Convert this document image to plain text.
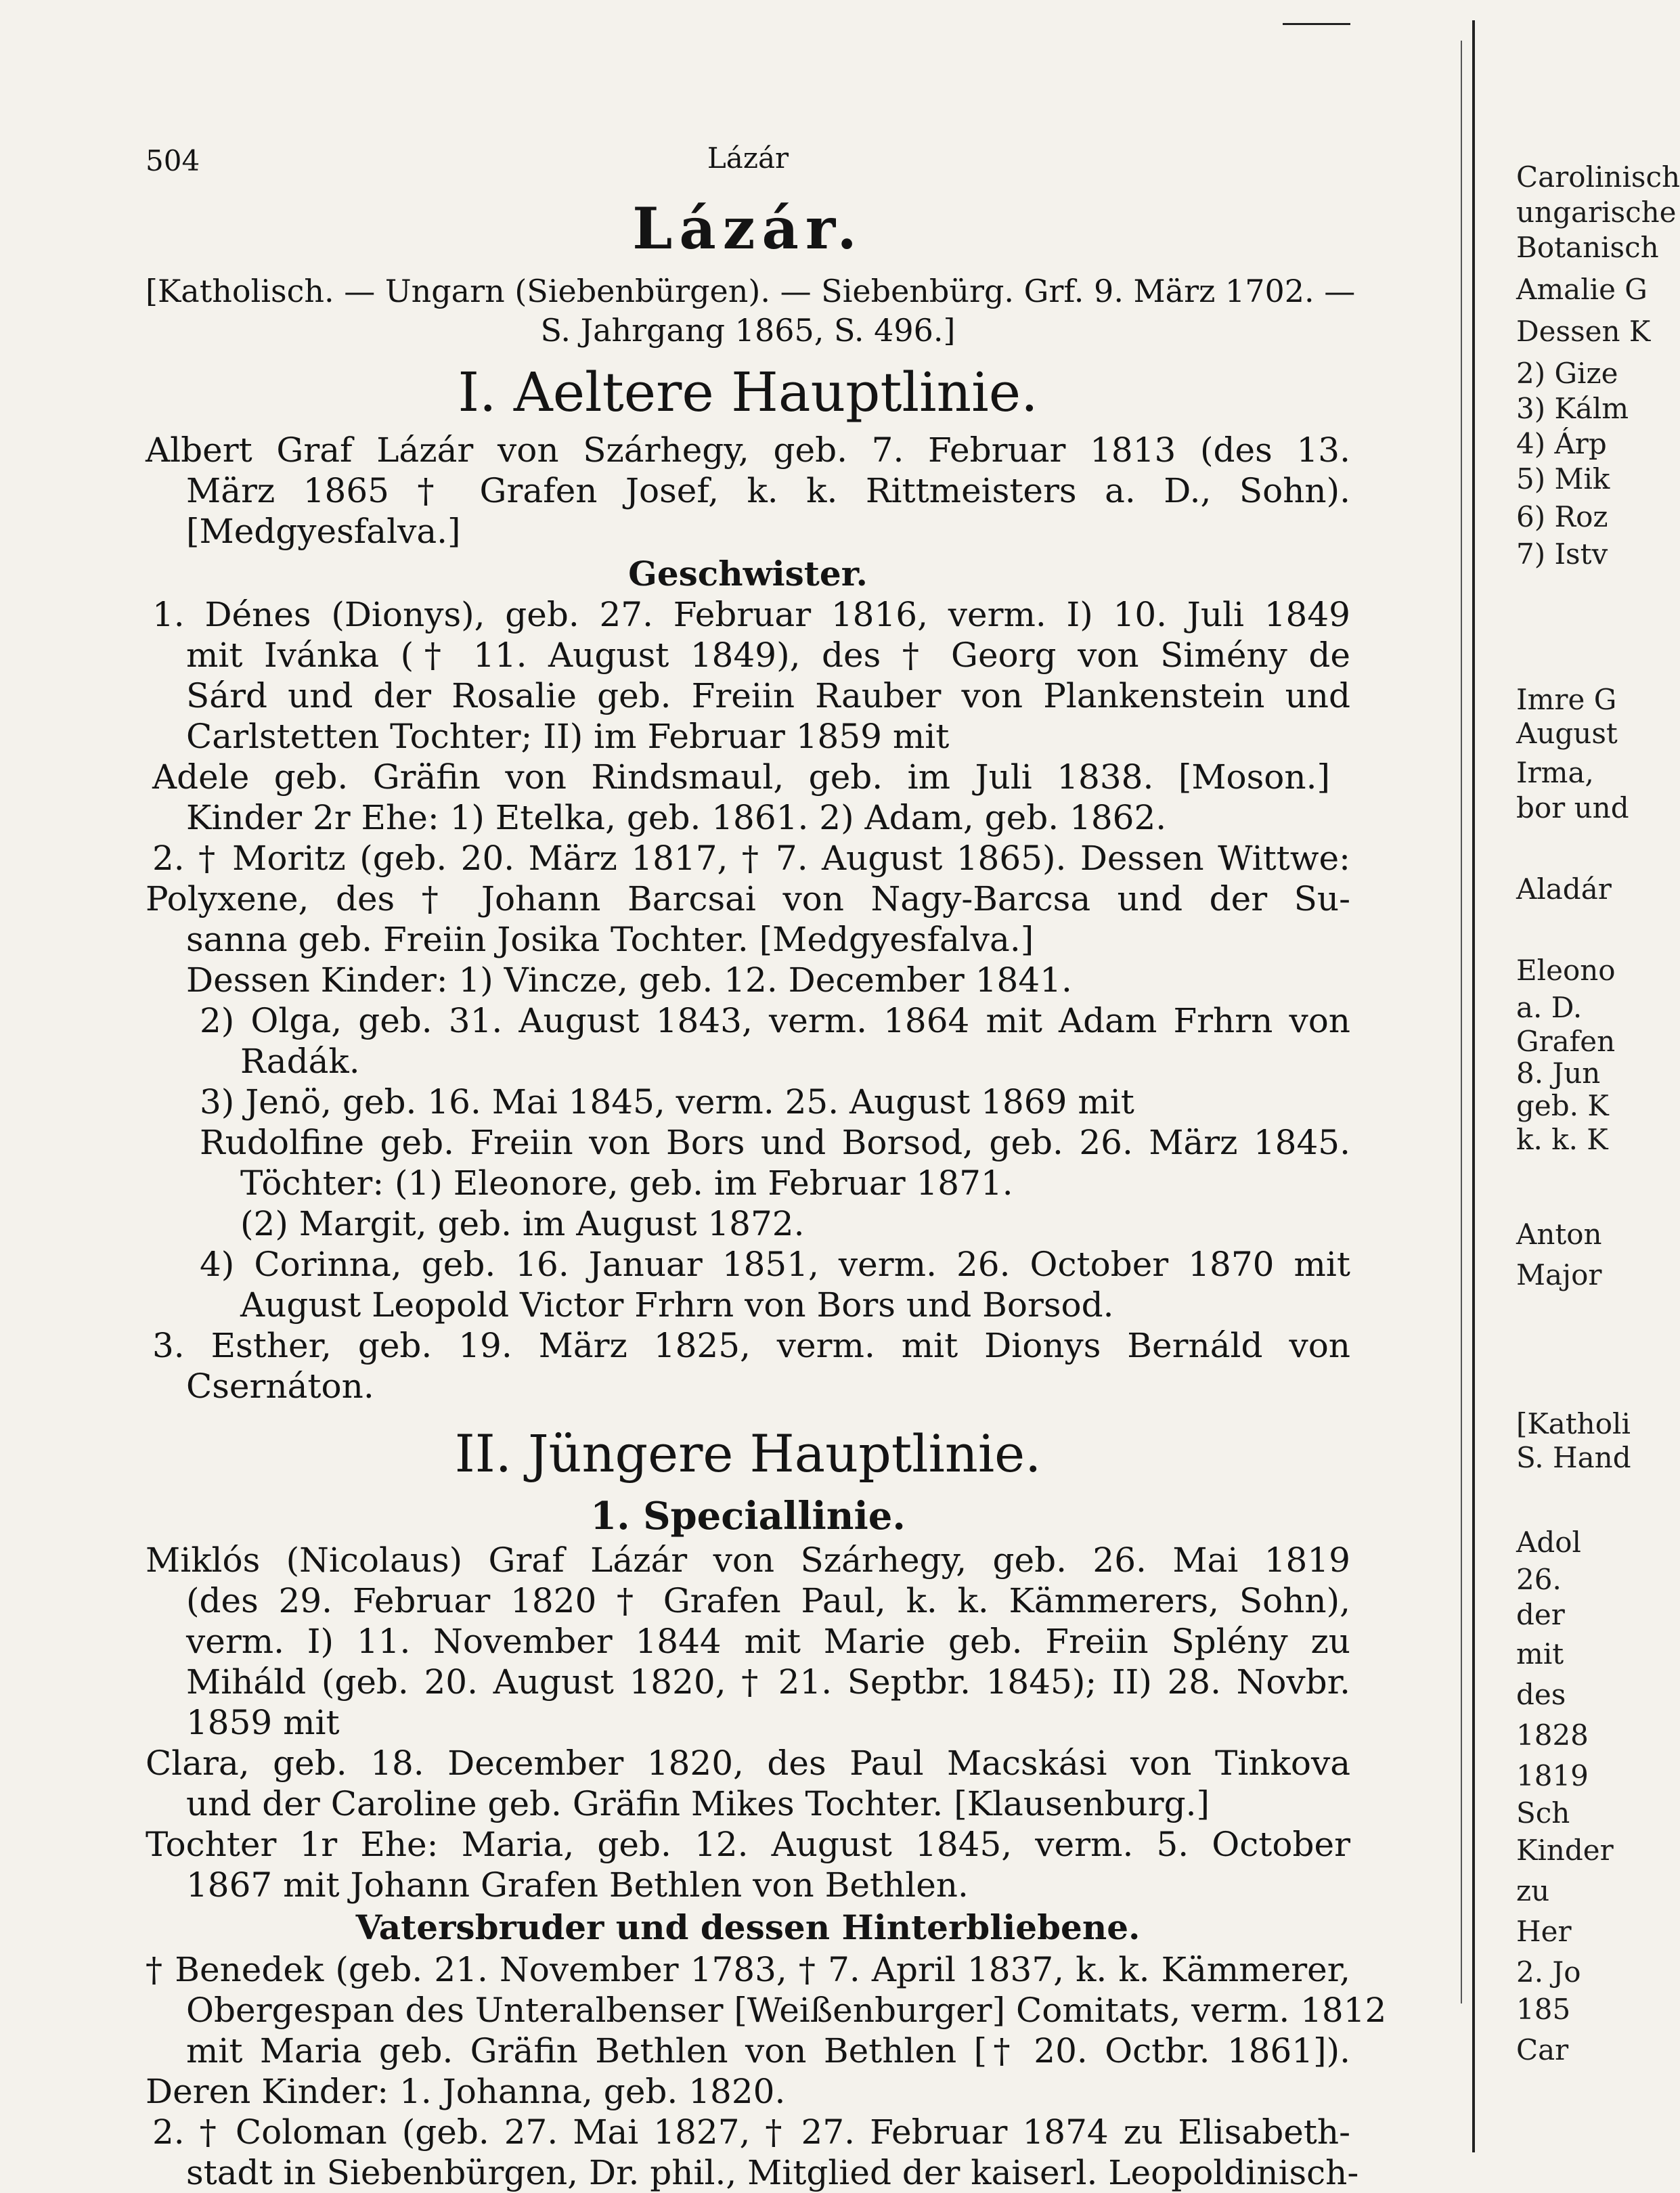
504	Lázár
Lázár.
[Katholisch. — Ungarn (Siebenbürgen). — Siebenbürg. Grf. 9. März 1702. —
S. Jahrgang 1865, S. 496.]
I. Aeltere Hauptlinie.
Albert Graf Lázár von Szárhegy, geb. 7. Februar 1813 (des 13.
März 1865 † Grafen Josef, k. k. Rittmeisters a. D., Sohn).
[Medgyesfalva.]
Geschwister.
1. Dénes (Dionys), geb. 27. Februar 1816, verm. I) 10. Juli 1849
mit Ivánka († 11. August 1849), des † Georg von Simény de
Sárd und der Rosalie geb. Freiin Rauber von Plankenstein und
Carlstetten Tochter; II) im Februar 1859 mit
Adele geb. Gräfin von Rindsmaul, geb. im Juli 1838. [Moson.]
Kinder 2r Ehe: 1) Etelka, geb. 1861. 2) Adam, geb. 1862.
2. † Moritz (geb. 20. März 1817, † 7. August 1865). Dessen Wittwe:
Polyxene, des † Johann Barcsai von Nagy-Barcsa und der Su-
sanna geb. Freiin Josika Tochter. [Medgyesfalva.]
Dessen Kinder: 1) Vincze, geb. 12. December 1841.
2) Olga, geb. 31. August 1843, verm. 1864 mit Adam Frhrn von
Radák.
3) Jenö, geb. 16. Mai 1845, verm. 25. August 1869 mit
Rudolfine geb. Freiin von Bors und Borsod, geb. 26. März 1845.
Töchter: (1) Eleonore, geb. im Februar 1871.
(2) Margit, geb. im August 1872.
4) Corinna, geb. 16. Januar 1851, verm. 26. October 1870 mit
August Leopold Victor Frhrn von Bors und Borsod.
3. Esther, geb. 19. März 1825, verm. mit Dionys Bernáld von
Csernáton.
II. Jüngere Hauptlinie.
1. Speciallinie.
Miklós (Nicolaus) Graf Lázár von Szárhegy, geb. 26. Mai 1819
(des 29. Februar 1820 † Grafen Paul, k. k. Kämmerers, Sohn),
verm. I) 11. November 1844 mit Marie geb. Freiin Splény zu
Miháld (geb. 20. August 1820, † 21. Septbr. 1845); II) 28. Novbr.
1859 mit
Clara, geb. 18. December 1820, des Paul Macskási von Tinkova
und der Caroline geb. Gräfin Mikes Tochter. [Klausenburg.]
Tochter 1r Ehe: Maria, geb. 12. August 1845, verm. 5. October
1867 mit Johann Grafen Bethlen von Bethlen.
Vatersbruder und dessen Hinterbliebene.
† Benedek (geb. 21. November 1783, † 7. April 1837, k. k. Kämmerer,
Obergespan des Unteralbenser [Weißenburger] Comitats, verm. 1812
mit Maria geb. Gräfin Bethlen von Bethlen [† 20. Octbr. 1861]).
Deren Kinder: 1. Johanna, geb. 1820.
2. † Coloman (geb. 27. Mai 1827, † 27. Februar 1874 zu Elisabeth-
stadt in Siebenbürgen, Dr. phil., Mitglied der kaiserl. Leopoldinisch-
Carolinisch
ungarische
Botanisch
Amalie G
Dessen K
2) Gize
3) Kálm
4) Árp
5) Mik
6) Roz
7) Istv
Imre G
August
Irma,
bor und
Aladár
Eleono
a. D.
Grafen
8. Jun
geb. K
k. k. K
Anton
Major
[Katholi
S. Hand
Adol
26.
der
mit
des
1828
1819
Sch
Kinder
zu
Her
2. Jo
185
Car
